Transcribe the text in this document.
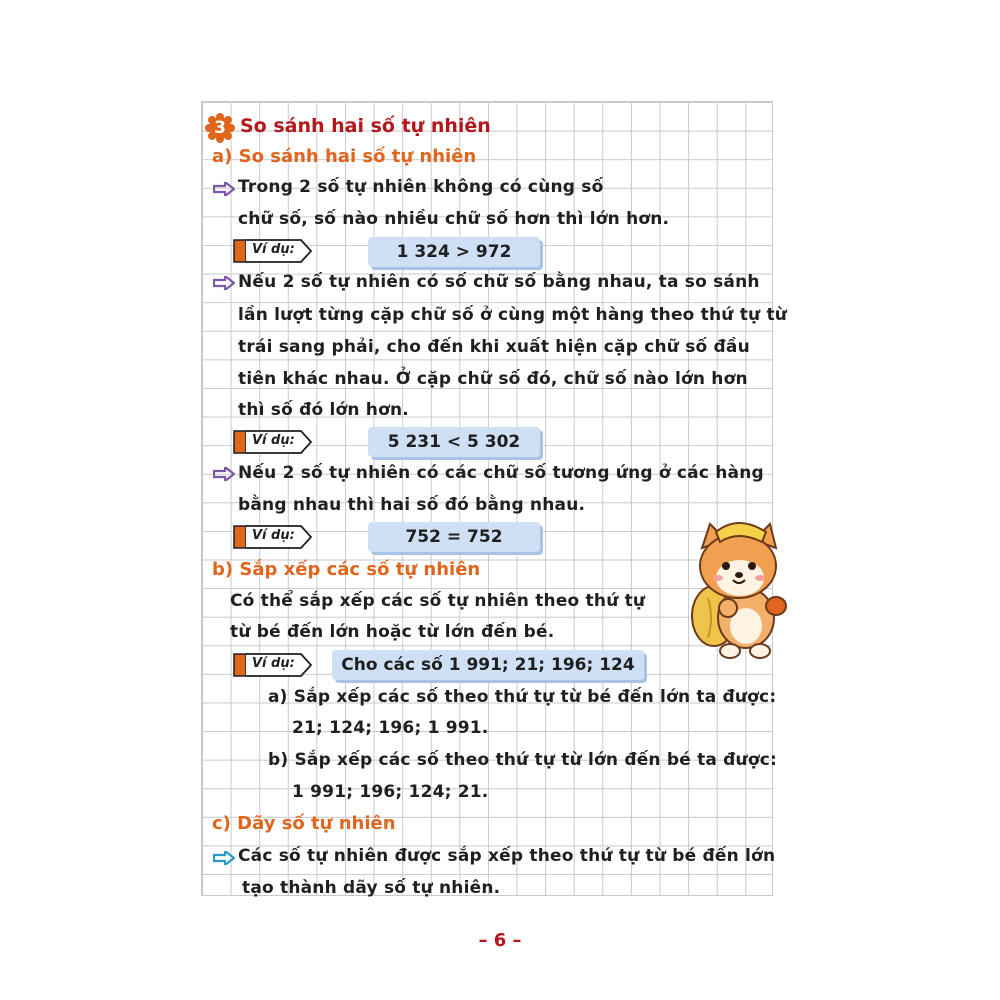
3 So sánh hai số tự nhiên
a) So sánh hai số tự nhiên
Trong 2 số tự nhiên không có cùng số
chữ số, số nào nhiều chữ số hơn thì lớn hơn.
Ví dụ:	1 324 > 972
Nếu 2 số tự nhiên có số chữ số bằng nhau, ta so sánh
lần lượt từng cặp chữ số ở cùng một hàng theo thứ tự từ
trái sang phải, cho đến khi xuất hiện cặp chữ số đầu
tiên khác nhau. Ở cặp chữ số đó, chữ số nào lớn hơn
thì số đó lớn hơn.
Ví dụ:	5 231 < 5 302
Nếu 2 số tự nhiên có các chữ số tương ứng ở các hàng
bằng nhau thì hai số đó bằng nhau.
Ví dụ:	752 = 752
b) Sắp xếp các số tự nhiên
Có thể sắp xếp các số tự nhiên theo thứ tự
từ bé đến lớn hoặc từ lớn đến bé.
Ví dụ:	Cho các số 1 991; 21; 196; 124
a) Sắp xếp các số theo thứ tự từ bé đến lớn ta được:
21; 124; 196; 1 991.
b) Sắp xếp các số theo thứ tự từ lớn đến bé ta được:
1 991; 196; 124; 21.
c) Dãy số tự nhiên
Các số tự nhiên được sắp xếp theo thứ tự từ bé đến lớn
tạo thành dãy số tự nhiên.
– 6 –
